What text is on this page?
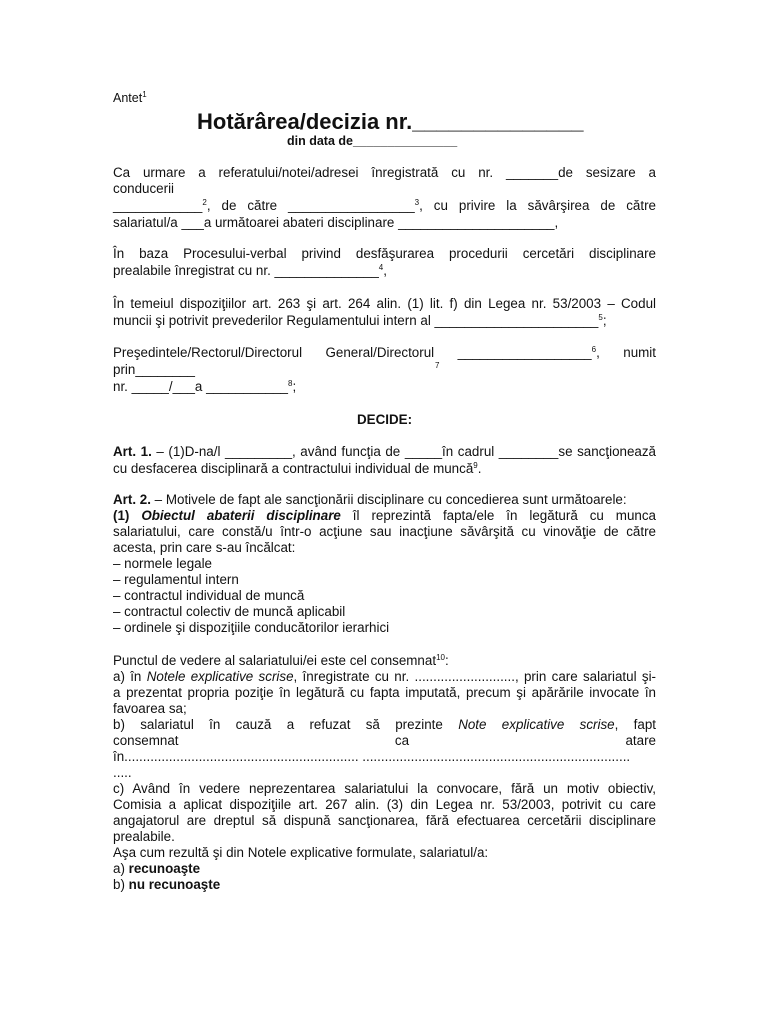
Antet$^1$
Hotărârea/decizia nr.______________
din data de_______________
Ca urmare a referatului/notei/adresei înregistrată cu nr. _______de sesizare a
conducerii
____________$^2$, de către _________________$^3$, cu privire la săvârşirea de către
salariatul/a ___a următoarei abateri disciplinare _____________________,
În baza Procesului-verbal privind desfăşurarea procedurii cercetări disciplinare
prealabile înregistrat cu nr. ______________$^4$,
În temeiul dispoziţiilor art. 263 şi art. 264 alin. (1) lit. f) din Legea nr. 53/2003 – Codul
muncii şi potrivit prevederilor Regulamentului intern al ______________________$^5$;
Preşedintele/Rectorul/Directorul General/Directorul __________________$^6$, numit
prin________	7
nr. _____/___a ___________$^8$;
DECIDE:
Art. 1. – (1)D-na/l _________, având funcţia de _____în cadrul ________se sancţionează
cu desfacerea disciplinară a contractului individual de muncă$^9$.
Art. 2. – Motivele de fapt ale sancţionării disciplinare cu concedierea sunt următoarele:
(1) Obiectul abaterii disciplinare îl reprezintă fapta/ele în legătură cu munca
salariatului, care constă/u într-o acţiune sau inacţiune săvârşită cu vinovăţie de către
acesta, prin care s-au încălcat:
– normele legale
– regulamentul intern
– contractul individual de muncă
– contractul colectiv de muncă aplicabil
– ordinele şi dispoziţiile conducătorilor ierarhici
Punctul de vedere al salariatului/ei este cel consemnat$^{10}$:
a) în Notele explicative scrise, înregistrate cu nr. ..........................., prin care salariatul şi-
a prezentat propria poziţie în legătură cu fapta imputată, precum şi apărările invocate în
favoarea sa;
b) salariatul în cauză a refuzat să prezinte Note explicative scrise, fapt
consemnat ca atare
în............................................................... ........................................................................
.....
c) Având în vedere neprezentarea salariatului la convocare, fără un motiv obiectiv,
Comisia a aplicat dispoziţiile art. 267 alin. (3) din Legea nr. 53/2003, potrivit cu care
angajatorul are dreptul să dispună sancţionarea, fără efectuarea cercetării disciplinare
prealabile.
Aşa cum rezultă şi din Notele explicative formulate, salariatul/a:
a) recunoaşte
b) nu recunoaşte
